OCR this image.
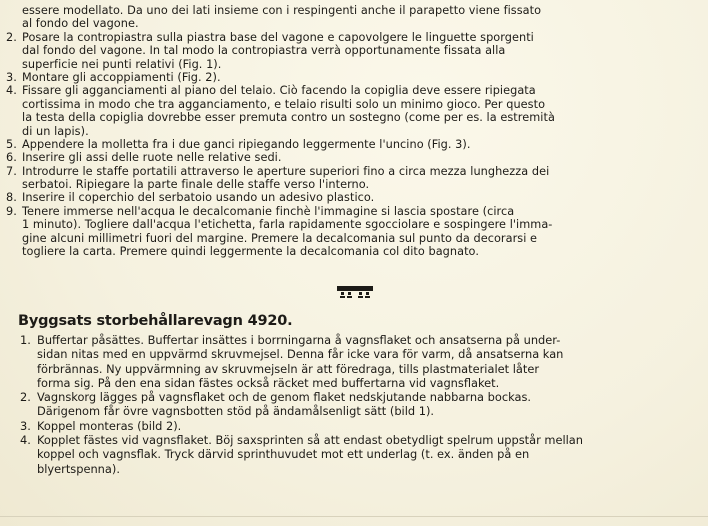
essere modellato. Da uno dei lati insieme con i respingenti anche il parapetto viene fissato
al fondo del vagone.
2. Posare la contropiastra sulla piastra base del vagone e capovolgere le linguette sporgenti
dal fondo del vagone. In tal modo la contropiastra verrà opportunamente fissata alla
superficie nei punti relativi (Fig. 1).
3. Montare gli accoppiamenti (Fig. 2).
4. Fissare gli agganciamenti al piano del telaio. Ciò facendo la copiglia deve essere ripiegata
cortissima in modo che tra agganciamento, e telaio risulti solo un minimo gioco. Per questo
la testa della copiglia dovrebbe esser premuta contro un sostegno (come per es. la estremità
di un lapis).
5. Appendere la molletta fra i due ganci ripiegando leggermente l'uncino (Fig. 3).
6. Inserire gli assi delle ruote nelle relative sedi.
7. Introdurre le staffe portatili attraverso le aperture superiori fino a circa mezza lunghezza dei
serbatoi. Ripiegare la parte finale delle staffe verso l'interno.
8. Inserire il coperchio del serbatoio usando un adesivo plastico.
9. Tenere immerse nell'acqua le decalcomanie finchè l'immagine si lascia spostare (circa
1 minuto). Togliere dall'acqua l'etichetta, farla rapidamente sgocciolare e sospingere l'imma-
gine alcuni millimetri fuori del margine. Premere la decalcomania sul punto da decorarsi e
togliere la carta. Premere quindi leggermente la decalcomania col dito bagnato.
Byggsats storbehållarevagn 4920.
1. Buffertar påsättes. Buffertar insättes i borrningarna å vagnsflaket och ansatserna på under-
sidan nitas med en uppvärmd skruvmejsel. Denna får icke vara för varm, då ansatserna kan
förbrännas. Ny uppvärmning av skruvmejseln är att föredraga, tills plastmaterialet låter
forma sig. På den ena sidan fästes också räcket med buffertarna vid vagnsflaket.
2. Vagnskorg lägges på vagnsflaket och de genom flaket nedskjutande nabbarna bockas.
Därigenom får övre vagnsbotten stöd på ändamålsenligt sätt (bild 1).
3. Koppel monteras (bild 2).
4. Kopplet fästes vid vagnsflaket. Böj saxsprinten så att endast obetydligt spelrum uppstår mellan
koppel och vagnsflak. Tryck därvid sprinthuvudet mot ett underlag (t. ex. änden på en
blyertspenna).
